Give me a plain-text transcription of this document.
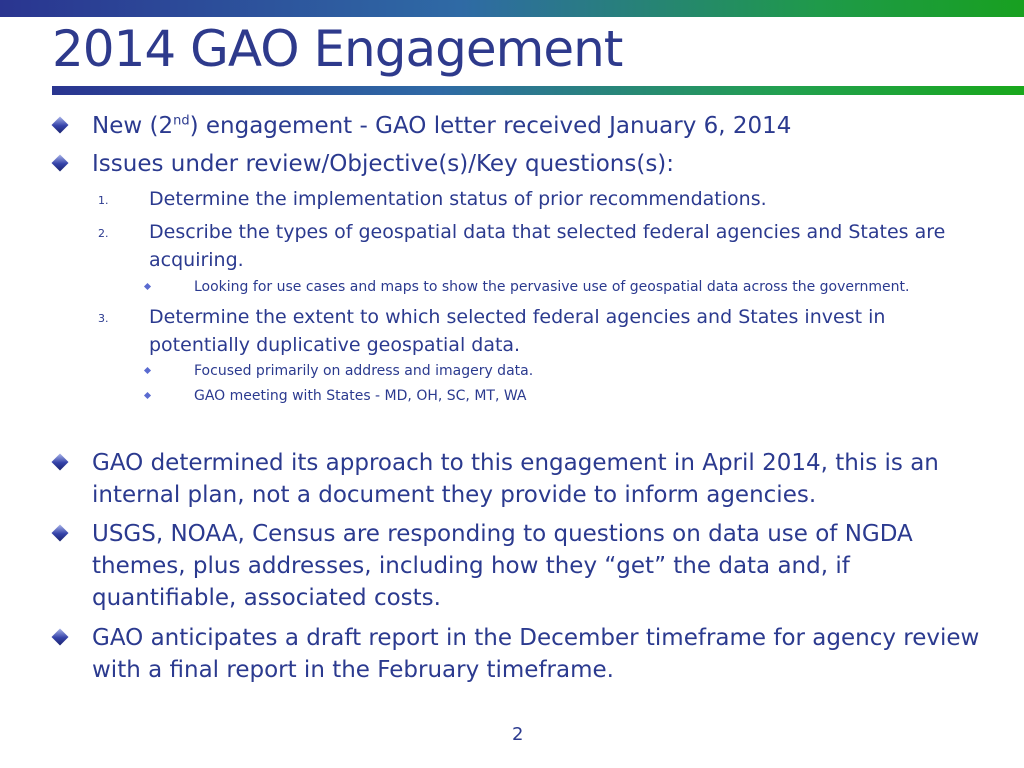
2014 GAO Engagement
New (2nd) engagement - GAO letter received January 6, 2014
Issues under review/Objective(s)/Key questions(s):
1. Determine the implementation status of prior recommendations.
2. Describe the types of geospatial data that selected federal agencies and States are acquiring.
Looking for use cases and maps to show the pervasive use of geospatial data across the government.
3. Determine the extent to which selected federal agencies and States invest in potentially duplicative geospatial data.
Focused primarily on address and imagery data.
GAO meeting with States - MD, OH, SC, MT, WA
GAO determined its approach to this engagement in April 2014, this is an internal plan, not a document they provide to inform agencies.
USGS, NOAA, Census are responding to questions on data use of NGDA themes, plus addresses, including how they “get” the data and, if quantifiable, associated costs.
GAO anticipates a draft report in the December timeframe for agency review with a final report in the February timeframe.
2
